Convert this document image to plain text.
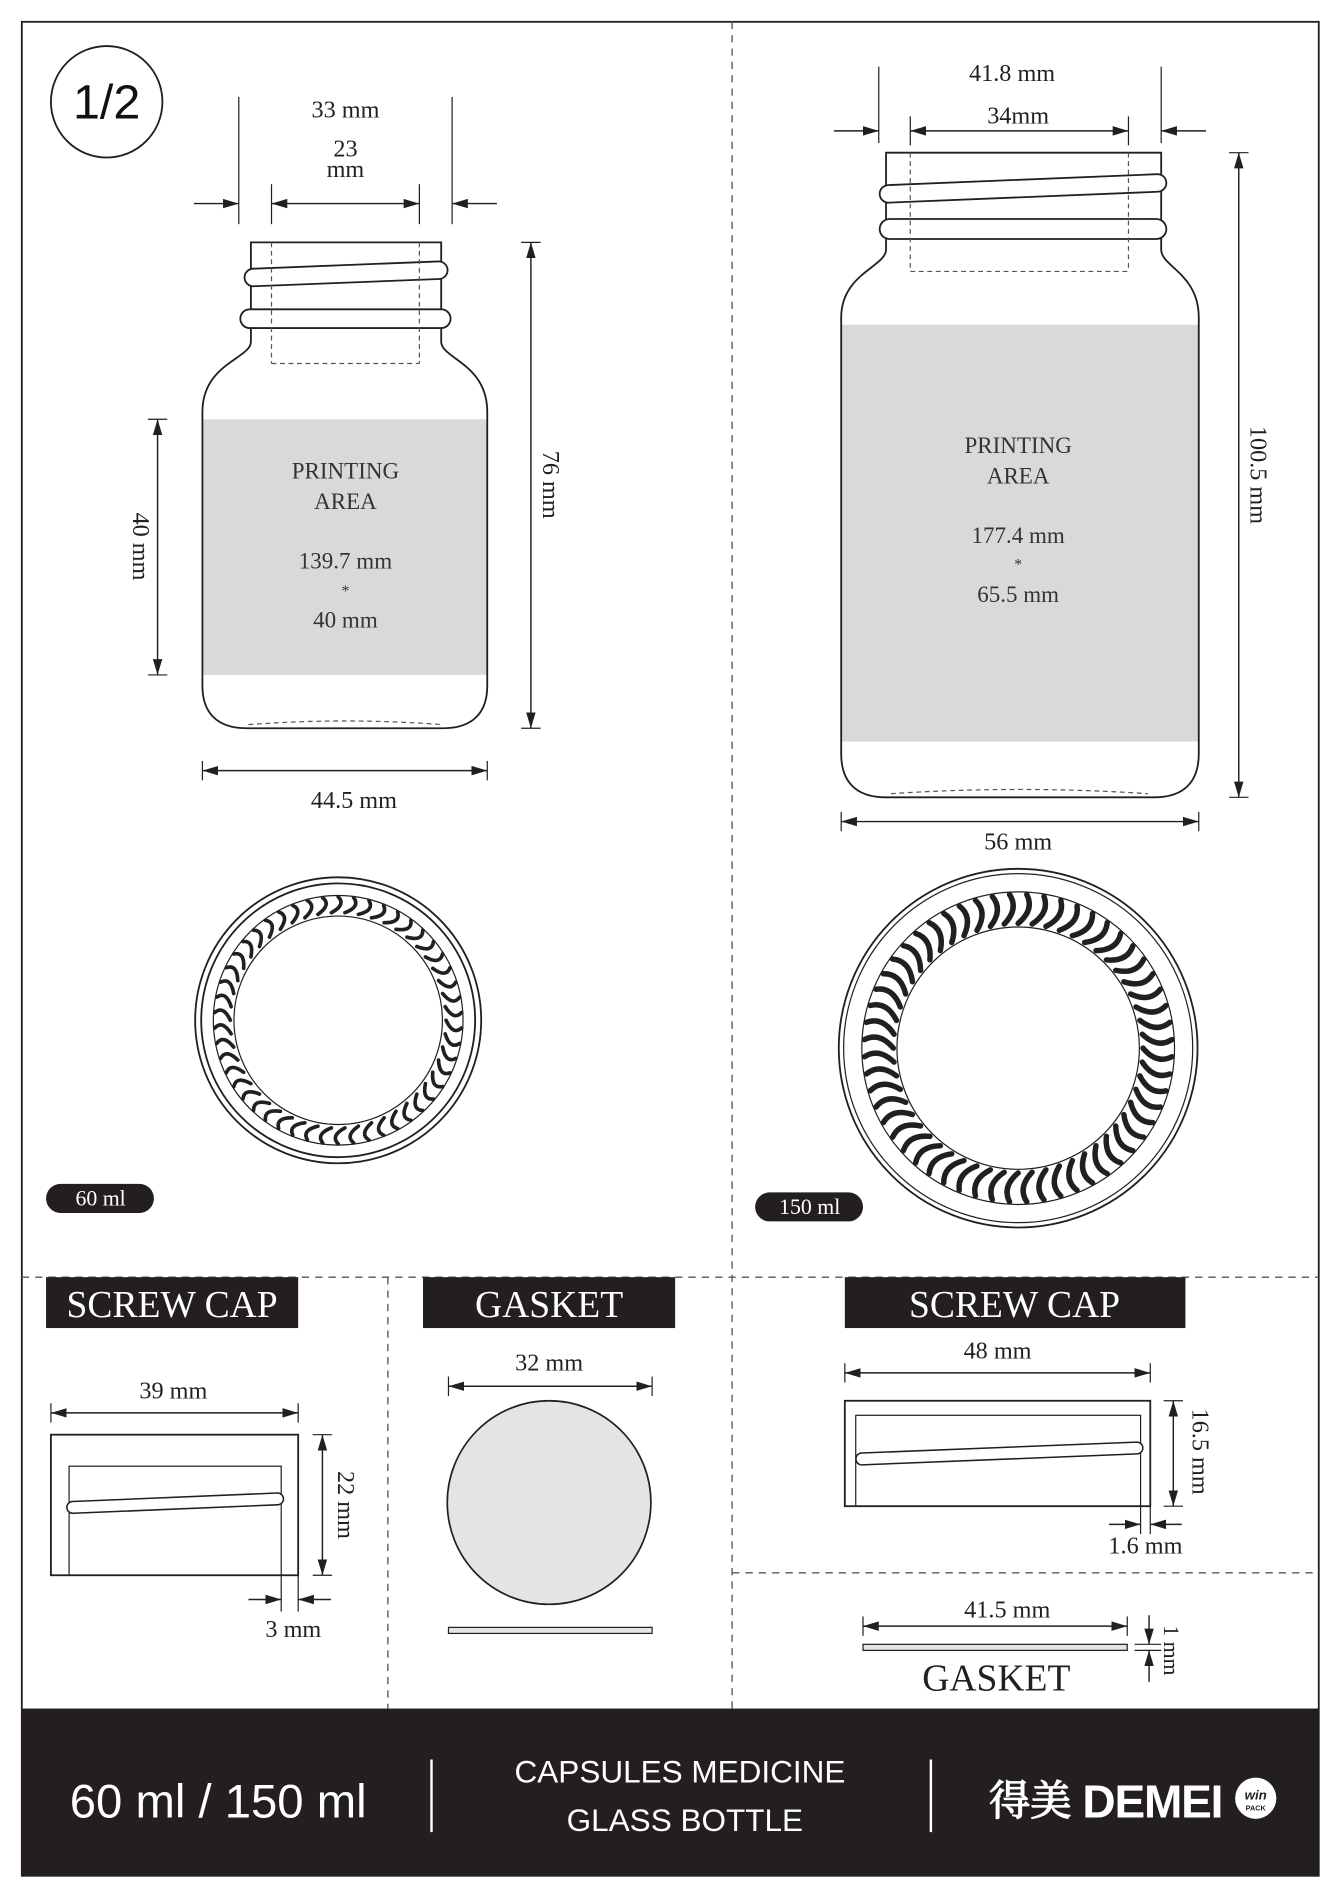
1/2
PRINTING
AREA
139.7 mm
*
40 mm
33 mm
23
mm
76 mm
40 mm
44.5 mm
60 ml
PRINTING
AREA
177.4 mm
*
65.5 mm
41.8 mm
34mm
100.5 mm
56 mm
150 ml
SCREW CAP
39 mm
22 mm
3 mm
GASKET
32 mm
SCREW CAP
48 mm
16.5 mm
1.6 mm
41.5 mm
1 mm
GASKET
60 ml / 150 ml
CAPSULES MEDICINE
GLASS BOTTLE	得美 DEMEI win
PACK
